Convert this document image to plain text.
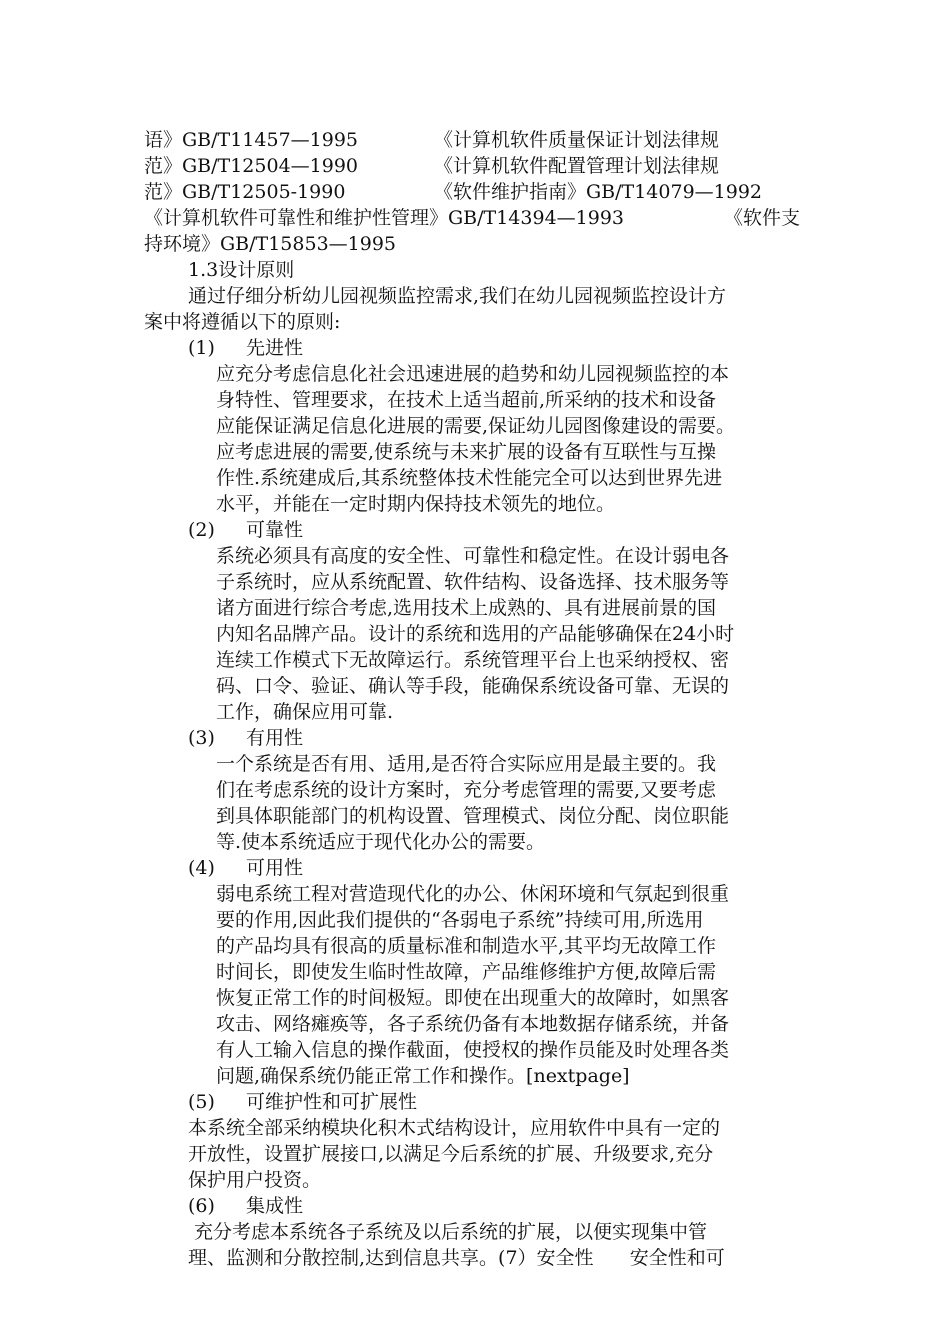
语》GB/T11457—1995

	《计算机软件质量保证计划法律规

范》GB/T12504—1990

	《计算机软件配置管理计划法律规

范》GB/T12505-1990

	《软件维护指南》GB/T14079—1992

《计算机软件可靠性和维护性管理》GB/T14394—1993

	《软件支

持环境》GB/T15853—1995
1.3设计原则
通过仔细分析幼儿园视频监控需求,我们在幼儿园视频监控设计方
案中将遵循以下的原则:

(1)

先进性

应充分考虑信息化社会迅速进展的趋势和幼儿园视频监控的本
身特性、管理要求，在技术上适当超前,所采纳的技术和设备
应能保证满足信息化进展的需要,保证幼儿园图像建设的需要。
应考虑进展的需要,使系统与未来扩展的设备有互联性与互操
作性.系统建成后,其系统整体技术性能完全可以达到世界先进
水平，并能在一定时期内保持技术领先的地位。

(2)

可靠性

系统必须具有高度的安全性、可靠性和稳定性。在设计弱电各
子系统时，应从系统配置、软件结构、设备选择、技术服务等
诸方面进行综合考虑,选用技术上成熟的、具有进展前景的国
内知名品牌产品。设计的系统和选用的产品能够确保在24小时
连续工作模式下无故障运行。系统管理平台上也采纳授权、密
码、口令、验证、确认等手段，能确保系统设备可靠、无误的
工作，确保应用可靠.

(3)

有用性

一个系统是否有用、适用,是否符合实际应用是最主要的。我
们在考虑系统的设计方案时，充分考虑管理的需要,又要考虑
到具体职能部门的机构设置、管理模式、岗位分配、岗位职能
等.使本系统适应于现代化办公的需要。

(4)

可用性

弱电系统工程对营造现代化的办公、休闲环境和气氛起到很重
要的作用,因此我们提供的“各弱电子系统”持续可用,所选用
的产品均具有很高的质量标准和制造水平,其平均无故障工作
时间长，即使发生临时性故障，产品维修维护方便,故障后需
恢复正常工作的时间极短。即使在出现重大的故障时，如黑客
攻击、网络瘫痪等，各子系统仍备有本地数据存储系统，并备
有人工输入信息的操作截面，使授权的操作员能及时处理各类
问题,确保系统仍能正常工作和操作。[nextpage]

(5)

可维护性和可扩展性

本系统全部采纳模块化积木式结构设计，应用软件中具有一定的
开放性，设置扩展接口,以满足今后系统的扩展、升级要求,充分
保护用户投资。

(6)

集成性

充分考虑本系统各子系统及以后系统的扩展，以便实现集中管
理、监测和分散控制,达到信息共享。(7）安全性      安全性和可
